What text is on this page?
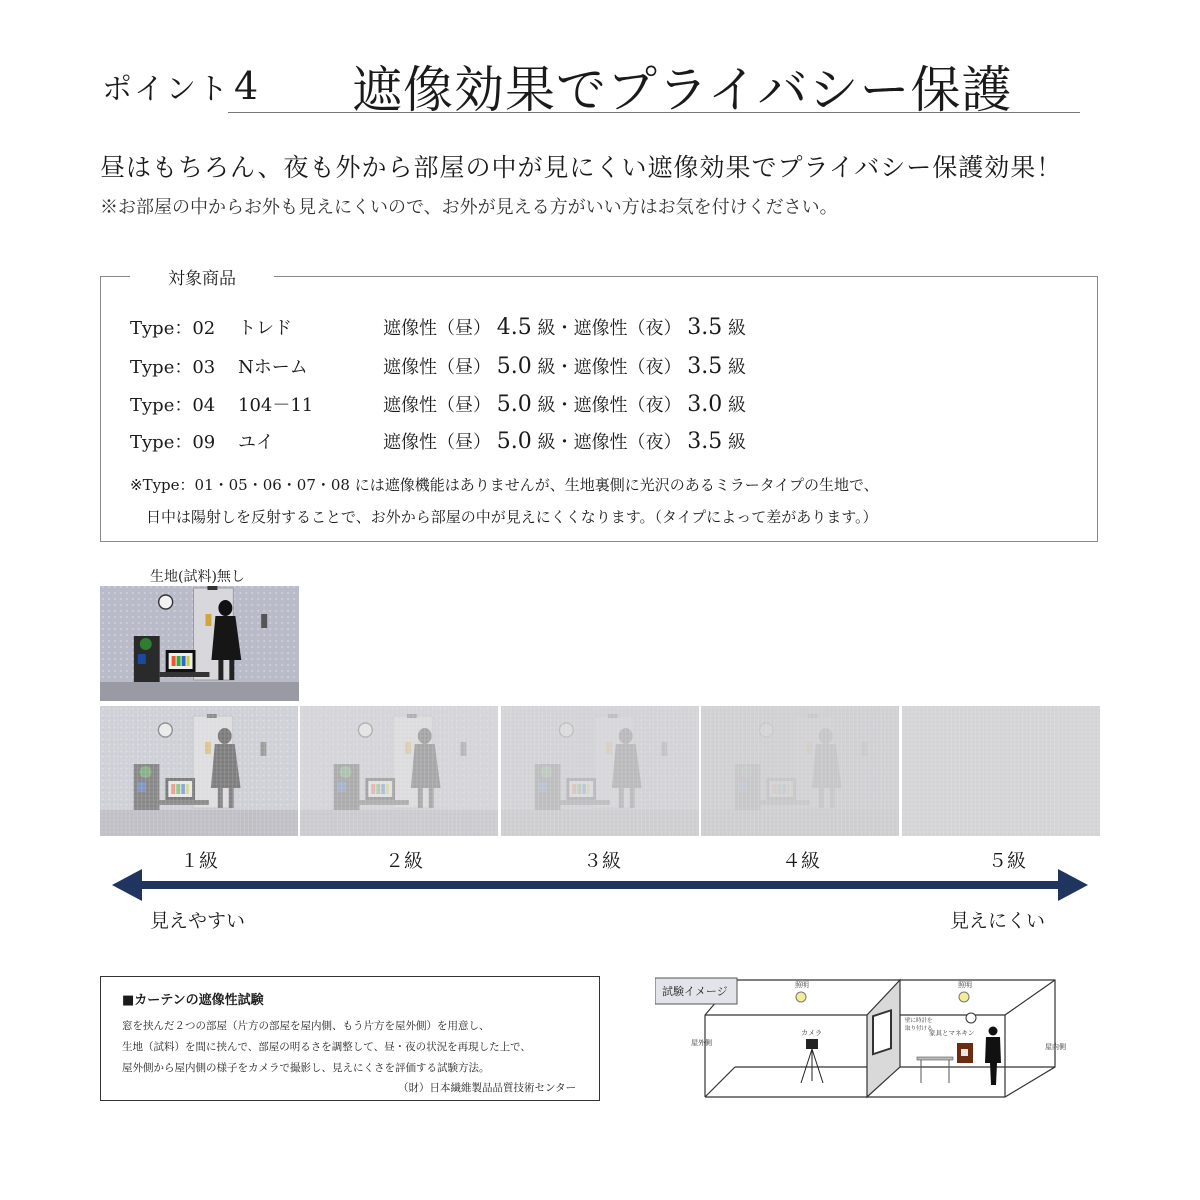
ポイント 4 遮像効果でプライバシー保護
昼はもちろん、夜も外から部屋の中が見にくい遮像効果でプライバシー保護効果！
※お部屋の中からお外も見えにくいので、お外が見える方がいい方はお気を付けください。
対象商品
Type：02 トレド	遮像性（昼） 4.5 級・遮像性（夜） 3.5 級
Type：03 Nホーム	遮像性（昼） 5.0 級・遮像性（夜） 3.5 級
Type：04 104－11	遮像性（昼） 5.0 級・遮像性（夜） 3.0 級
Type：09 ユイ	遮像性（昼） 5.0 級・遮像性（夜） 3.5 級
※Type：01・05・06・07・08 には遮像機能はありませんが、生地裏側に光沢のあるミラータイプの生地で、
日中は陽射しを反射することで、お外から部屋の中が見えにくくなります。（タイプによって差があります。）
生地(試料)無し
１級	２級	３級	４級	５級
見えやすい	見えにくい
■カーテンの遮像性試験
窓を挟んだ２つの部屋（片方の部屋を屋内側、もう片方を屋外側）を用意し、
生地（試料）を間に挟んで、部屋の明るさを調整して、昼・夜の状況を再現した上で、
屋外側から屋内側の様子をカメラで撮影し、見えにくさを評価する試験方法。
（財）日本繊維製品品質技術センター
試験イメージ	照明	照明
カメラ
屋外側	屋内側
壁に時計を
取り付ける
家具とマネキン
